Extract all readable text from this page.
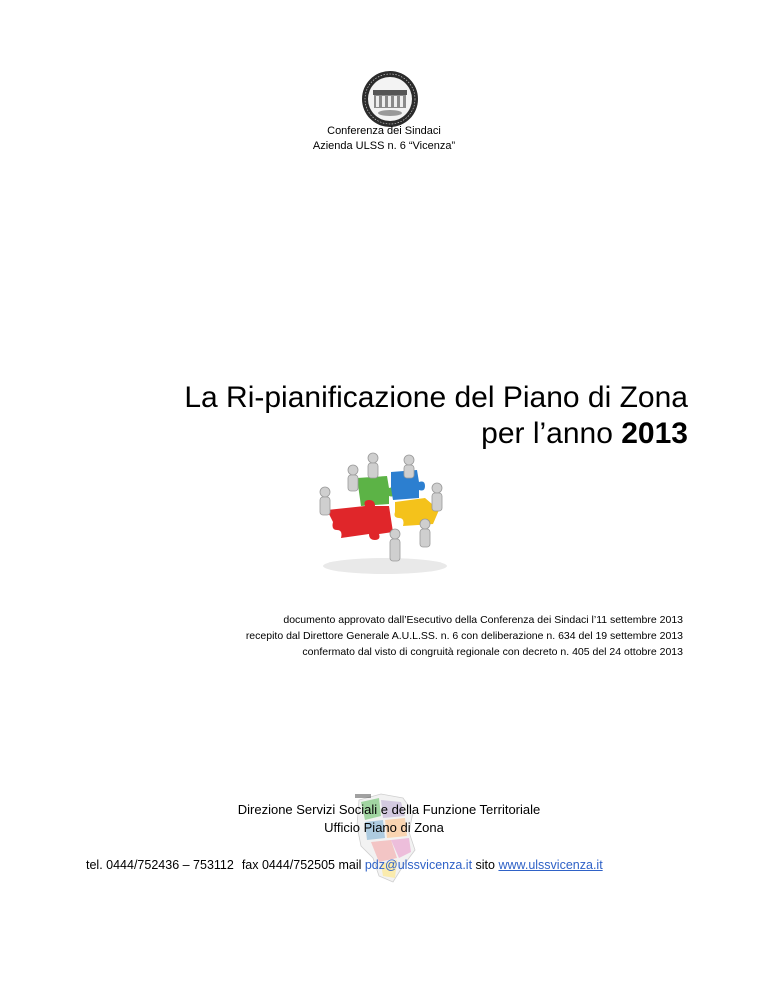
Conferenza dei Sindaci
Azienda ULSS n. 6 “Vicenza”
La Ri-pianificazione del Piano di Zona
per l’anno 2013
documento approvato dall’Esecutivo della Conferenza dei Sindaci l’11 settembre 2013
recepito dal Direttore Generale A.U.L.SS. n. 6 con deliberazione n. 634 del 19 settembre 2013
confermato dal visto di congruità regionale con decreto n. 405 del 24 ottobre 2013
Direzione Servizi Sociali e della Funzione Territoriale
Ufficio Piano di Zona
tel. 0444/752436 – 753112 fax 0444/752505 mail pdz@ulssvicenza.it sito www.ulssvicenza.it
